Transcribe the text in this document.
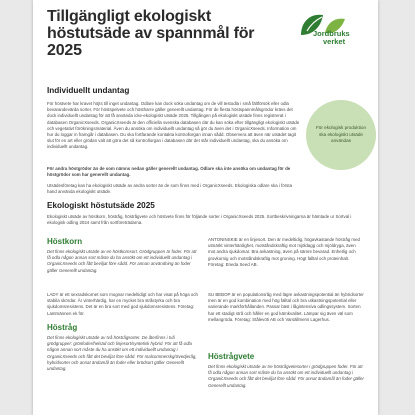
Tillgängligt ekologiskt höstutsäde av spannmål för 2025
Jordbruks
verket
Individuellt undantag

För höstvete har kravet höjts till inget undantag. Odlare kan dock söka undantag om de vill testodla i små fältförsök eller odla bevarandevärda sorter. För höstspelvete och höstharre gäller generellt undantag. För de flesta höstspannmålsgrödor krävs det dock individuellt undantag för att få använda icke-ekologiskt utsäde 2025. Tillgången på ekologiskt utsäde finns registrerat i databasen OrganicXseeds. OrganicXseeds är den officiella svenska databasen där du kan söka efter tillgängligt ekologiskt utsäde och vegetativt förökningsmaterial. Även du ansöka om individuellt undantag så gör du även det i OrganicXseeds. Information om hur du loggar in framgår i databasen. Du ska fortfarande kontakta kontrollorgan innan sådd. Observera att även när utsädet tagit slut för en art eller grödan valt att göra det så kontrollorgan i databasen där det står individuellt undantag, ska du ansöka om individuellt undantag.

För andra höstgrödor än de som nämns nedan gäller generellt undantag. Odlare ska inte ansöka om undantag för de höstgrödor som har generellt undantag.

Utsädesföretag kan ha ekologiskt utsäde av andra sorter än de som finns med i OrganicXseeds. Ekologiska odlare ska i första hand använda ekologiskt utsäde.

För ekologisk produktion ska ekologiskt utsäde användas
Ekologiskt höstutsäde 2025

Ekologiskt utsäde av höstkorn, höstråg, höstrågvete och höstvete finns för följande sorter i OrganicXseeds 2025. Sortbeskrivningarna är hämtade ur Sortval i ekologisk odling 2024 samt från sortföreträdarna.

Höstkorn

Det finns ekologiskt utsäde av en höstkornsort. Grödgruppen är foder. För att få odla någon annan sort måste du ha ansökt om ett individuellt undantag i OrganicXseeds och fått beviljat före sådd. För annan användning än foder gäller Generellt undantag.

LADY är ett sexradskornet som mognar medeltidigt och har visat på höga och stabila skördar. Är vinterhärdig, har en mycket bra stråstyrka och bra sjukdomsresistens. Det är en bra sort med god sjukdomsresistens. Företag: Lantmännen ek för.

Höstråg

Det finns ekologiskt utsäde av två höstrågsorter. De återfinns i två grödgrupper: grönfoder/helsäd och linjesort/syntetisk hybrid. För att få odla någon annan sort måste du ha ansökt om ett individuellt undantag i OrganicXseeds och fått det beviljat före sådd. För malcommerskg/Svedjeråg, hybridsorter och annat ändamål än foder eller brödsort gäller Generellt undantag.

ANTONINSKIE är en linjesort. Den är medeltidig, högavkastande höstråg med utmärkt vinterhärdighet, motståndskraftig mot mjöldagg och mjöldryga, även mot andra sjukdomar. Bra avkastning, även på sämre bevarad. Enhetlig och grovkornig och motståndskraftig mot groning. Högt falltal och proteinhalt. Företag: Eneda Seed AB.

SU BEBOP är en populationsråg med lägre avkastningspotential än hybridsorter men är en god kombination med hög falltal och bra utkastningspotential eller varierande markförhållanden. Passar bäst i lågintensiva odlingssystem. Sorten har ett stadigt strå och håller en god kärnkvalitet. Lämpar sig även väl som mellangröda. Företag: Stålevöti AB och Varsällmens Lagerhus.

Höstrågvete

Det finns ekologiskt utsäde av tre höstrågvetesorter i grödgruppen foder. För att få odla någon annan sort måste du ha ansökt om ett individuellt undantag i OrganicXseeds och fått det beviljat före sådd. För annat ändamål än foder gäller Generellt undantag.
